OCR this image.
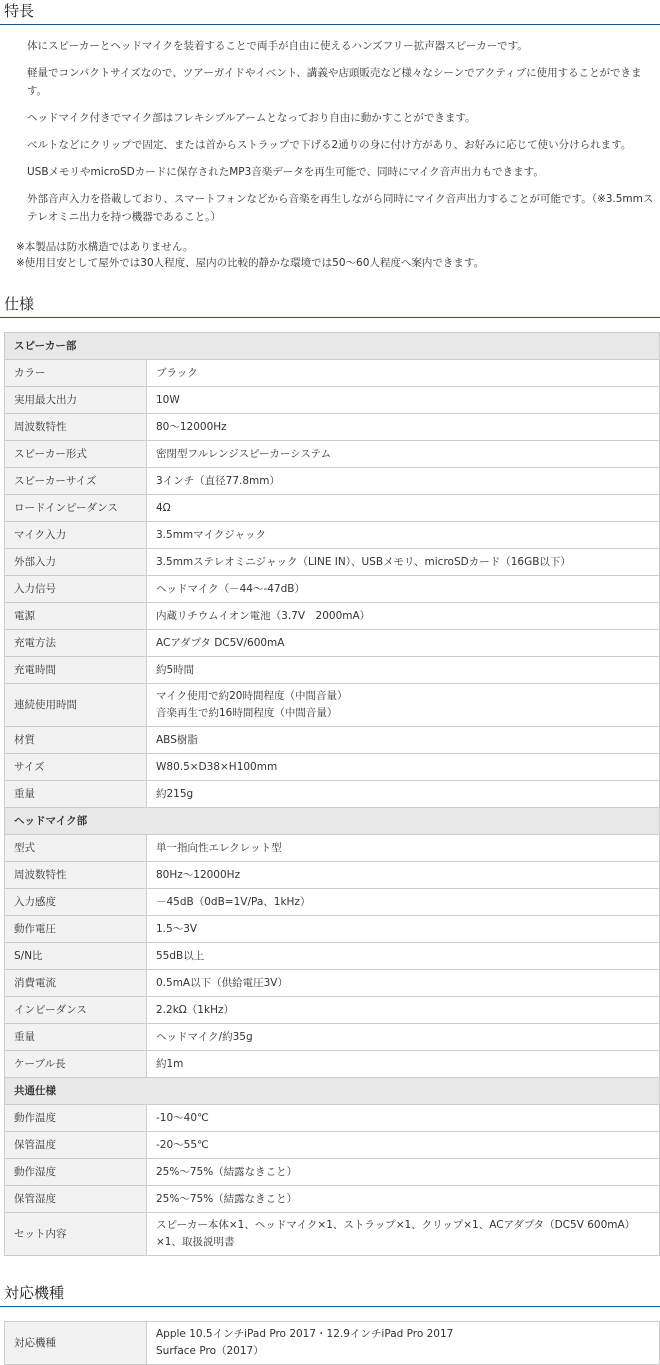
特長

体にスピーカーとヘッドマイクを装着することで両手が自由に使えるハンズフリー拡声器スピーカーです。

軽量でコンパクトサイズなので、ツアーガイドやイベント、講義や店頭販売など様々なシーンでアクティブに使用することができます。

ヘッドマイク付きでマイク部はフレキシブルアームとなっており自由に動かすことができます。

ベルトなどにクリップで固定、または首からストラップで下げる2通りの身に付け方があり、お好みに応じて使い分けられます。

USBメモリやmicroSDカードに保存されたMP3音楽データを再生可能で、同時にマイク音声出力もできます。

外部音声入力を搭載しており、スマートフォンなどから音楽を再生しながら同時にマイク音声出力することが可能です。（※3.5mmステレオミニ出力を持つ機器であること。）

※本製品は防水構造ではありません。
※使用目安として屋外では30人程度、屋内の比較的静かな環境では50～60人程度へ案内できます。
仕様
スピーカー部	
カラー	ブラック

実用最大出力	10W

周波数特性	80～12000Hz

スピーカー形式	密閉型フルレンジスピーカーシステム

スピーカーサイズ	3インチ（直径77.8mm）

ロードインピーダンス	4Ω

マイク入力	3.5mmマイクジャック

外部入力	3.5mmステレオミニジャック（LINE IN）、USBメモリ、microSDカード（16GB以下）

入力信号	ヘッドマイク（－44～-47dB）

電源	内蔵リチウムイオン電池（3.7V　2000mA）

充電方法	ACアダプタ DC5V/600mA

充電時間	約5時間

連続使用時間	マイク使用で約20時間程度（中間音量）
音楽再生で約16時間程度（中間音量）

材質	ABS樹脂

サイズ	W80.5×D38×H100mm

重量	約215g

ヘッドマイク部	
型式	単一指向性エレクレット型

周波数特性	80Hz～12000Hz

入力感度	－45dB（0dB=1V/Pa、1kHz）

動作電圧	1.5～3V

S/N比	55dB以上

消費電流	0.5mA以下（供給電圧3V）

インピーダンス	2.2kΩ（1kHz）

重量	ヘッドマイク/約35g

ケーブル長	約1m

共通仕様	
動作温度	-10～40℃

保管温度	-20～55℃

動作湿度	25%～75%（結露なきこと）

保管湿度	25%～75%（結露なきこと）

セット内容	スピーカー本体×1、ヘッドマイク×1、ストラップ×1、クリップ×1、ACアダプタ（DC5V 600mA）×1、取扱説明書
対応機種
対応機種	
Apple 10.5インチiPad Pro 2017・12.9インチiPad Pro 2017
Surface Pro（2017）
